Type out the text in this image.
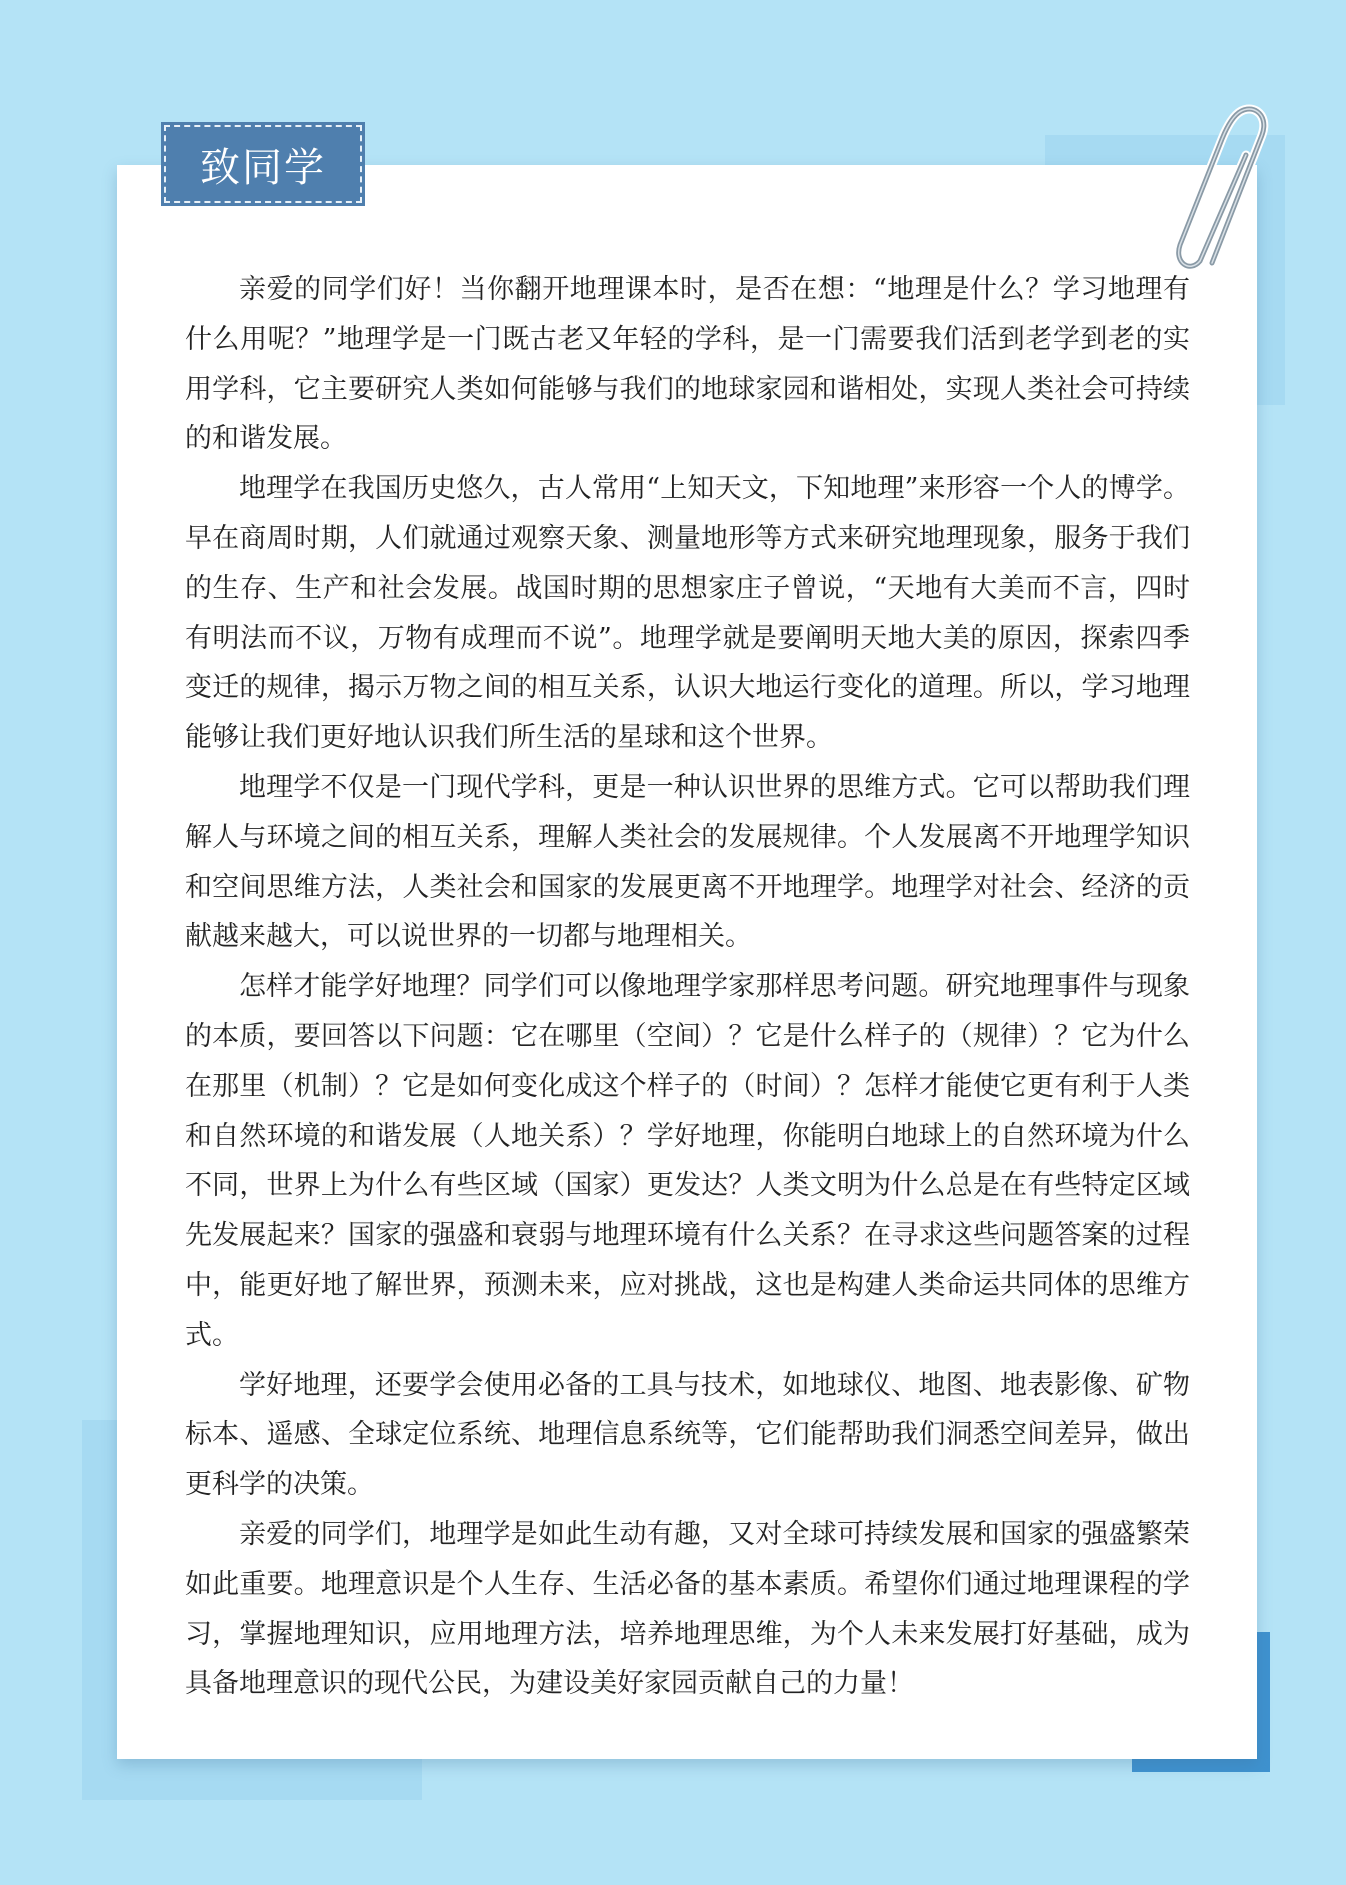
致同学

亲爱的同学们好！当你翻开地理课本时，是否在想：“地理是什么？学习地理有什么用呢？”地理学是一门既古老又年轻的学科，是一门需要我们活到老学到老的实用学科，它主要研究人类如何能够与我们的地球家园和谐相处，实现人类社会可持续的和谐发展。

地理学在我国历史悠久，古人常用“上知天文，下知地理”来形容一个人的博学。早在商周时期，人们就通过观察天象、测量地形等方式来研究地理现象，服务于我们的生存、生产和社会发展。战国时期的思想家庄子曾说，“天地有大美而不言，四时有明法而不议，万物有成理而不说”。地理学就是要阐明天地大美的原因，探索四季变迁的规律，揭示万物之间的相互关系，认识大地运行变化的道理。所以，学习地理能够让我们更好地认识我们所生活的星球和这个世界。

地理学不仅是一门现代学科，更是一种认识世界的思维方式。它可以帮助我们理解人与环境之间的相互关系，理解人类社会的发展规律。个人发展离不开地理学知识和空间思维方法，人类社会和国家的发展更离不开地理学。地理学对社会、经济的贡献越来越大，可以说世界的一切都与地理相关。

怎样才能学好地理？同学们可以像地理学家那样思考问题。研究地理事件与现象的本质，要回答以下问题：它在哪里（空间）？它是什么样子的（规律）？它为什么在那里（机制）？它是如何变化成这个样子的（时间）？怎样才能使它更有利于人类和自然环境的和谐发展（人地关系）？学好地理，你能明白地球上的自然环境为什么不同，世界上为什么有些区域（国家）更发达？人类文明为什么总是在有些特定区域先发展起来？国家的强盛和衰弱与地理环境有什么关系？在寻求这些问题答案的过程中，能更好地了解世界，预测未来，应对挑战，这也是构建人类命运共同体的思维方式。

学好地理，还要学会使用必备的工具与技术，如地球仪、地图、地表影像、矿物标本、遥感、全球定位系统、地理信息系统等，它们能帮助我们洞悉空间差异，做出更科学的决策。

亲爱的同学们，地理学是如此生动有趣，又对全球可持续发展和国家的强盛繁荣如此重要。地理意识是个人生存、生活必备的基本素质。希望你们通过地理课程的学习，掌握地理知识，应用地理方法，培养地理思维，为个人未来发展打好基础，成为具备地理意识的现代公民，为建设美好家园贡献自己的力量！
